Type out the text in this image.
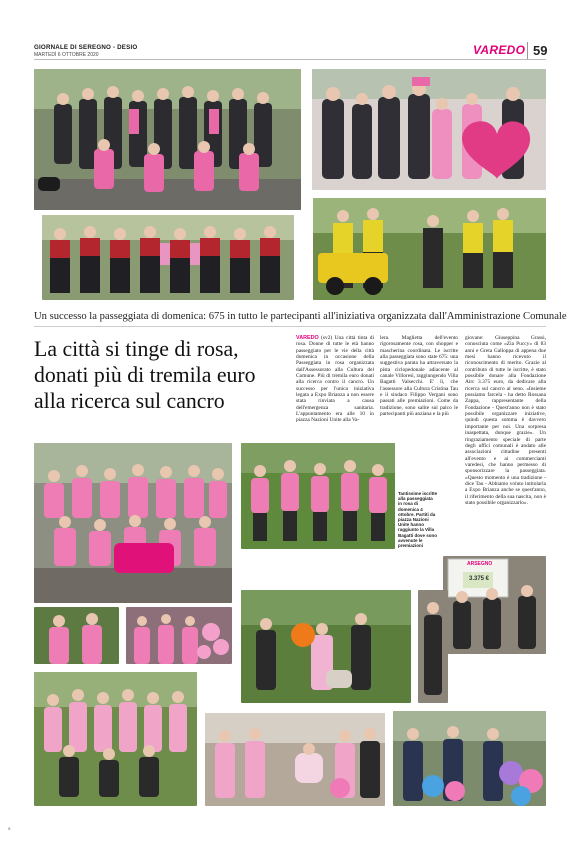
GIORNALE DI SEREGNO - DESIO
MARTEDÌ 6 OTTOBRE 2020	VAREDO 59
Un successo la passeggiata di domenica: 675 in tutto le partecipanti all'iniziativa organizzata dall'Amministrazione Comunale
La città si tinge di rosa, donati più di tremila euro alla ricerca sul cancro
VAREDO (sv2) Una città tinta di rosa. Donne di tutte le età hanno passeggiato per le vie della città domenica in occasione della Passeggiata in rosa organizzata dall'Assessorato alla Cultura del Comune. Più di tremila euro donati alla ricerca contro il cancro. Un successo per l'unica iniziativa legata a Expo Brianza a non essere stata rinviata a causa dell'emergenza sanitaria. L'appuntamento era alle 10 in piazza Nazioni Unite alla Va-
lera. Maglietta dell'evento rigorosamente rosa, con shopper e mascherina coordinata. Le iscritte alla passeggiata sono state 675: una suggestiva parata ha attraversato la pista ciclopedonale adiacente al canale Villoresi, raggiungendo Villa Bagatti Valsecchi. E' lì, che l'assessore alla Cultura Cristina Tau e il sindaco Filippo Vergani sono passati alle premiazioni. Come da tradizione, sono salite sul palco le partecipanti più anziana e la più
giovane: Giuseppina Grassi, conosciuta come «Zia Puccy» di 83 anni e Greta Galloppa di appena due mesi hanno ricevuto il riconoscimento di merito. Grazie al contributo di tutte le iscritte, è stato possibile donare alla Fondazione Airc 3.375 euro, da dedicare alla ricerca sul cancro al seno. «Insieme possiamo farcela - ha detto Rossana Zappa, rappresentante della Fondazione - Quest'anno non è stato possibile organizzare iniziative, quindi questa somma è davvero importante per noi. Una sorpresa inaspettata, dunque grazie». Un ringraziamento speciale di parte degli uffici comunali è andato alle associazioni cittadine presenti all'evento e ai commercianti varedesi, che hanno permesso di sponsorizzare la passeggiata. «Questo momento è una tradizione - dice Tau - Abbiamo voluto intitolarla a Expo Brianza anche se quest'anno, il riferimento della sua nascita, non è stato possibile organizzarlo».
Tantissime iscritte alla passeggiata in rosa di domenica 4 ottobre. Partiti da piazza Nazioni Unite hanno raggiunto la Villa Bagatti dove sono avvenute le premiazioni
ARSEGNO
3.375 €
s
